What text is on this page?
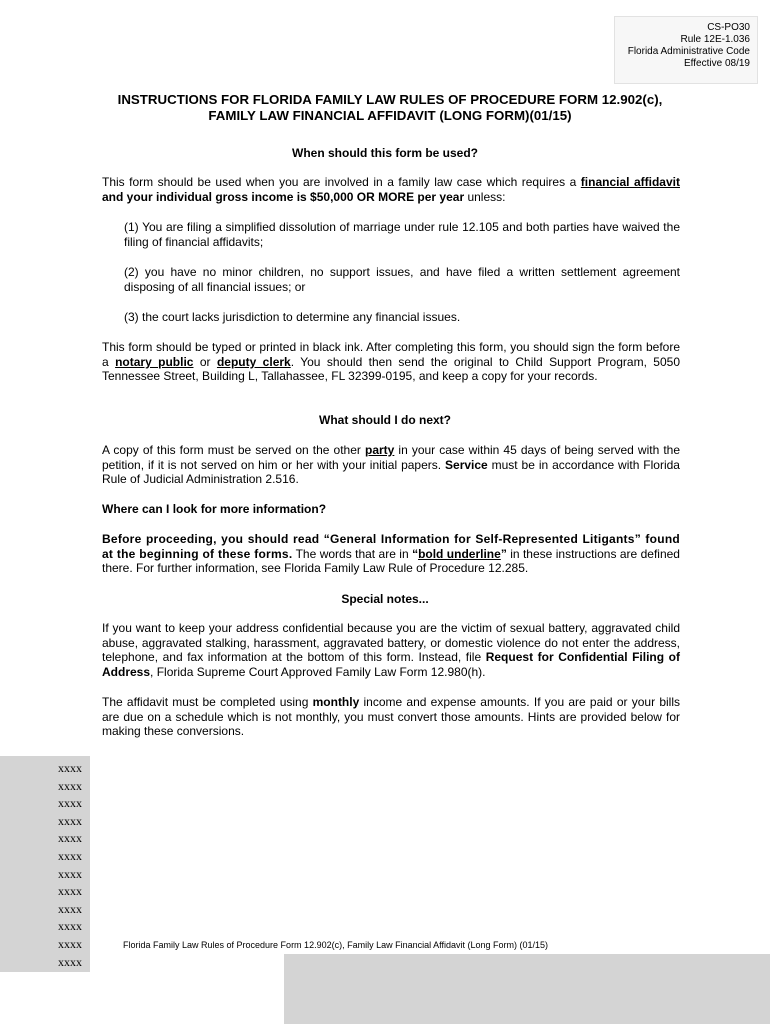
CS-PO30
Rule 12E-1.036
Florida Administrative Code
Effective 08/19
INSTRUCTIONS FOR FLORIDA FAMILY LAW RULES OF PROCEDURE FORM 12.902(c),
FAMILY LAW FINANCIAL AFFIDAVIT (LONG FORM)(01/15)
When should this form be used?
This form should be used when you are involved in a family law case which requires a financial affidavit and your individual gross income is $50,000 OR MORE per year unless:
(1) You are filing a simplified dissolution of marriage under rule 12.105 and both parties have waived the filing of financial affidavits;
(2) you have no minor children, no support issues, and have filed a written settlement agreement disposing of all financial issues; or
(3) the court lacks jurisdiction to determine any financial issues.
This form should be typed or printed in black ink. After completing this form, you should sign the form before a notary public or deputy clerk. You should then send the original to Child Support Program, 5050 Tennessee Street, Building L, Tallahassee, FL 32399-0195, and keep a copy for your records.
What should I do next?
A copy of this form must be served on the other party in your case within 45 days of being served with the petition, if it is not served on him or her with your initial papers. Service must be in accordance with Florida Rule of Judicial Administration 2.516.
Where can I look for more information?
Before proceeding, you should read “General Information for Self-Represented Litigants” found at the beginning of these forms. The words that are in “bold underline” in these instructions are defined there. For further information, see Florida Family Law Rule of Procedure 12.285.
Special notes...
If you want to keep your address confidential because you are the victim of sexual battery, aggravated child abuse, aggravated stalking, harassment, aggravated battery, or domestic violence do not enter the address, telephone, and fax information at the bottom of this form. Instead, file Request for Confidential Filing of Address, Florida Supreme Court Approved Family Law Form 12.980(h).
The affidavit must be completed using monthly income and expense amounts. If you are paid or your bills are due on a schedule which is not monthly, you must convert those amounts. Hints are provided below for making these conversions.
xxxx
xxxx
xxxx
xxxx
xxxx
xxxx
xxxx
xxxx
xxxx
xxxx
xxxx
xxxx
Florida Family Law Rules of Procedure Form 12.902(c), Family Law Financial Affidavit (Long Form) (01/15)
